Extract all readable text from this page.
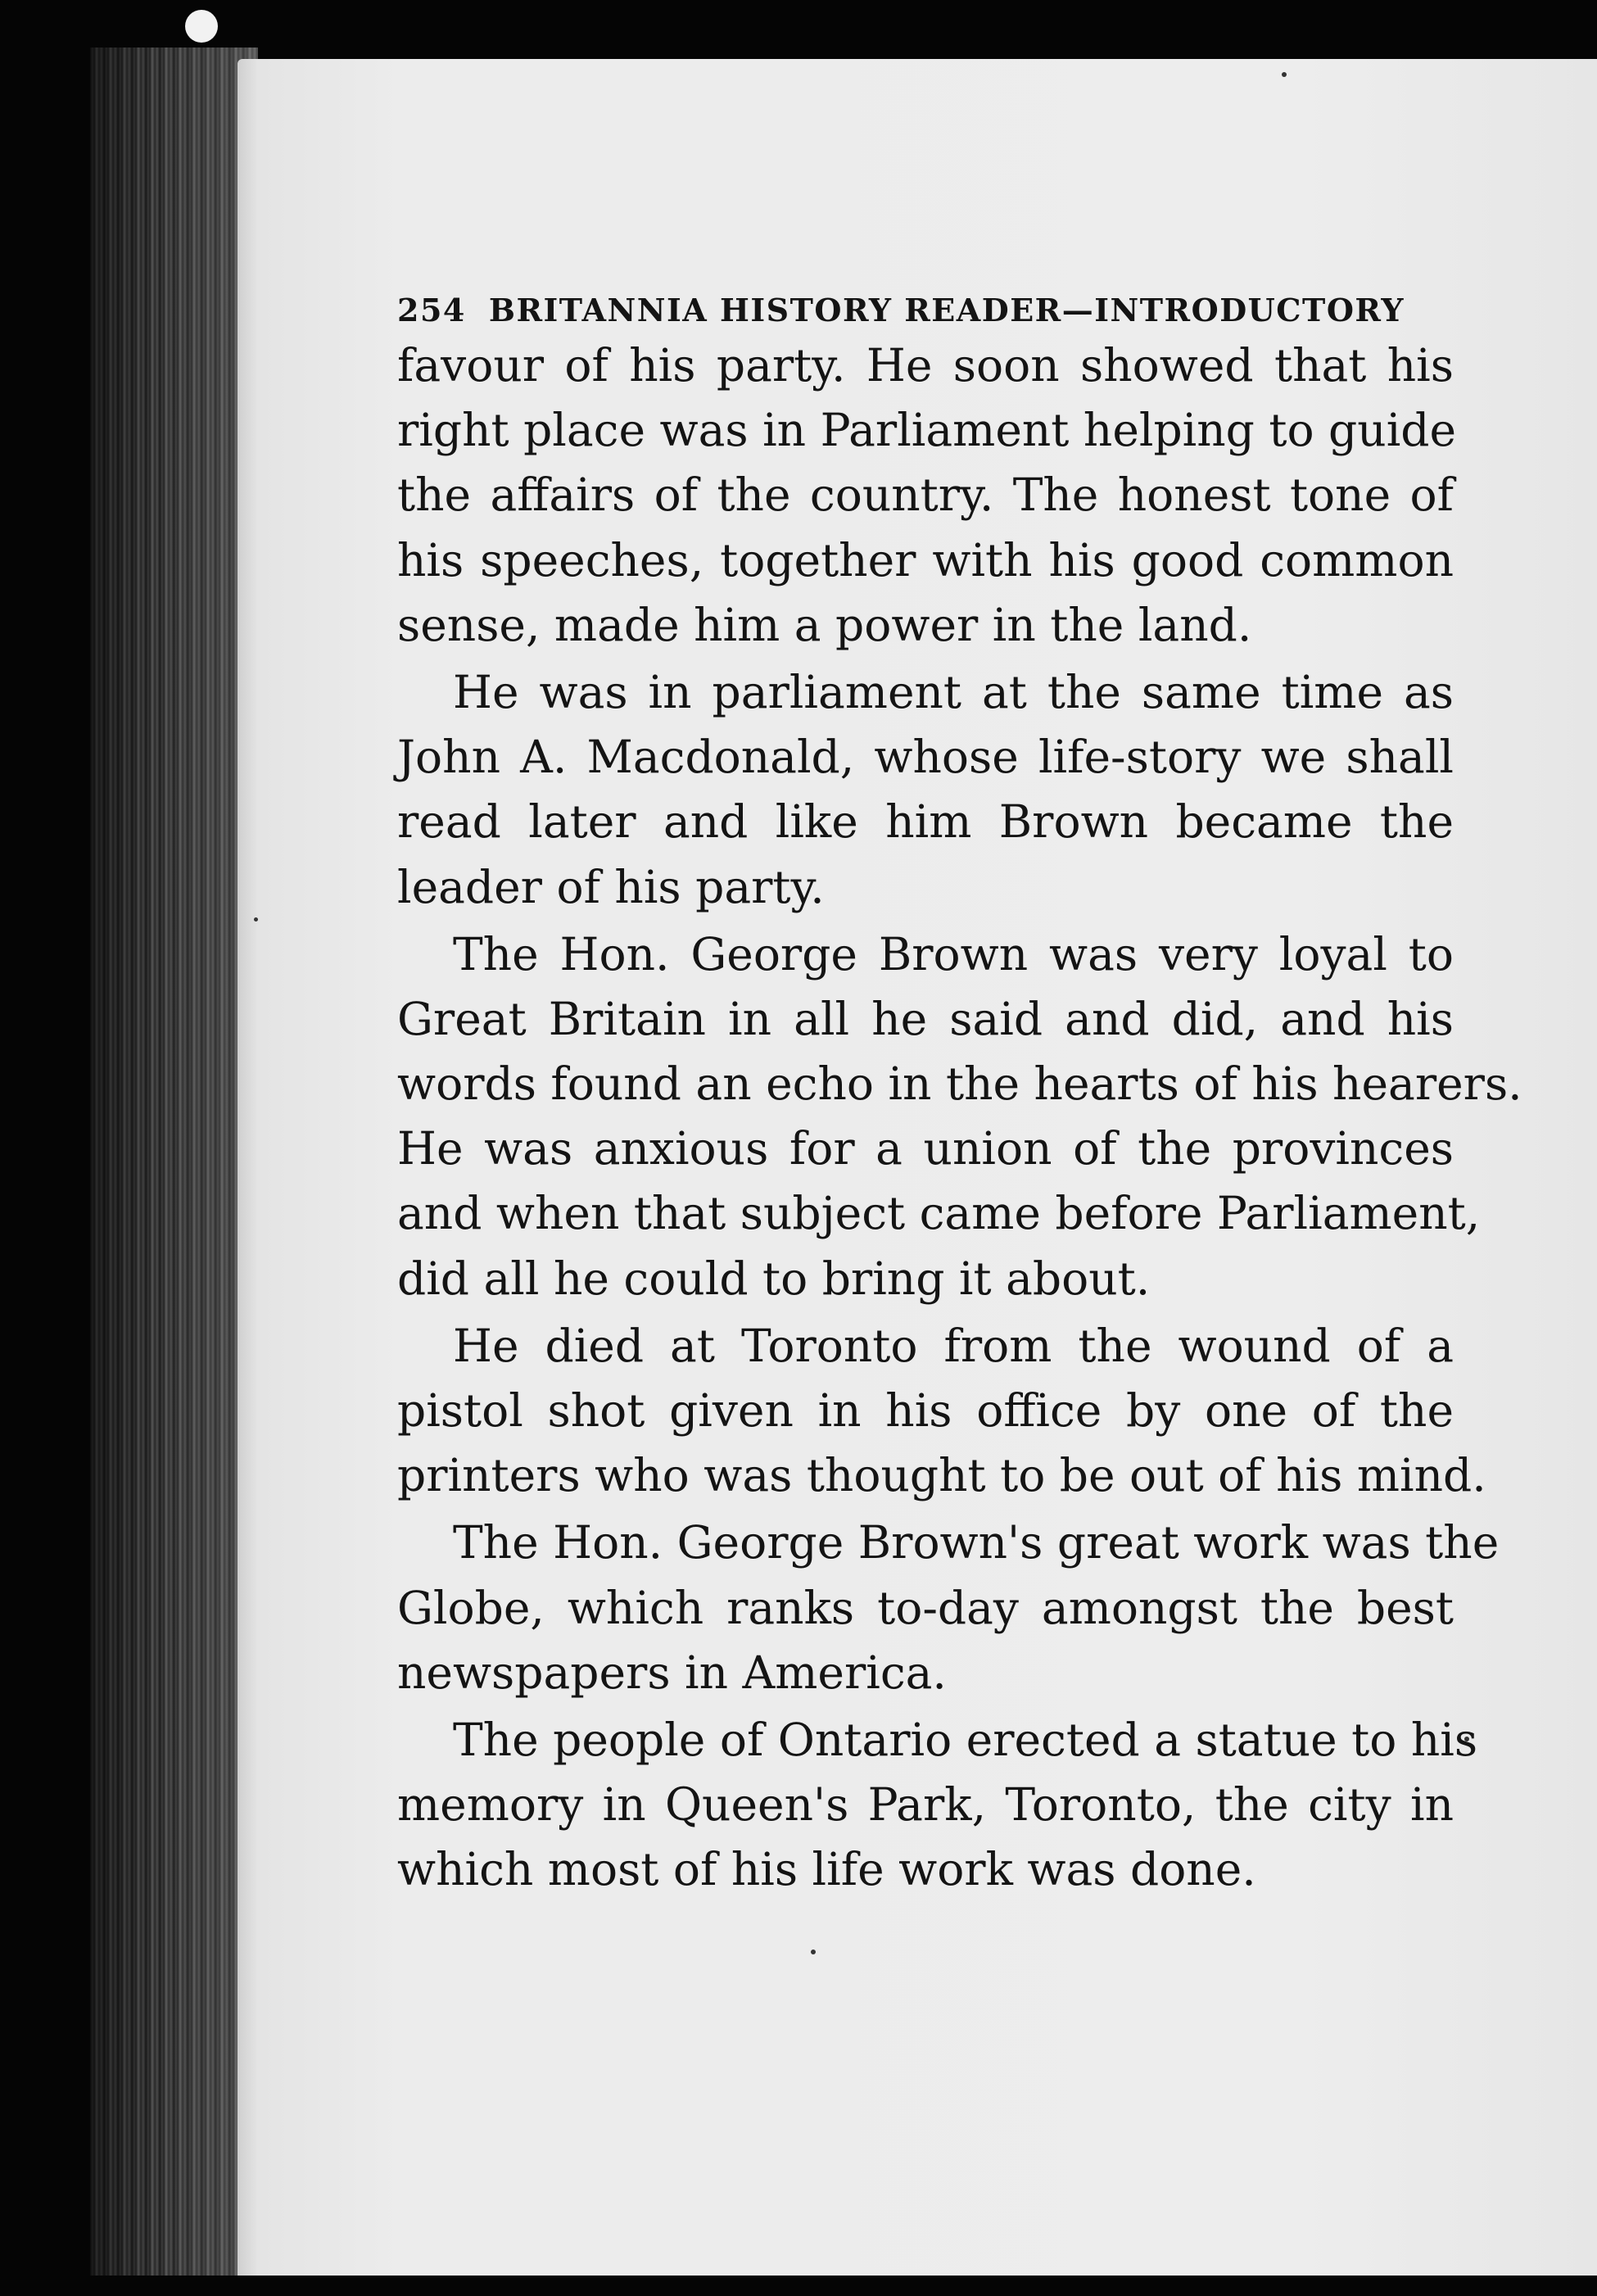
254 BRITANNIA HISTORY READER—INTRODUCTORY
favour of his party. He soon showed that his
right place was in Parliament helping to guide
the affairs of the country. The honest tone of
his speeches, together with his good common
sense, made him a power in the land.
He was in parliament at the same time as
John A. Macdonald, whose life-story we shall
read later and like him Brown became the
leader of his party.
The Hon. George Brown was very loyal to
Great Britain in all he said and did, and his
words found an echo in the hearts of his hearers.
He was anxious for a union of the provinces
and when that subject came before Parliament,
did all he could to bring it about.
He died at Toronto from the wound of a
pistol shot given in his office by one of the
printers who was thought to be out of his mind.
The Hon. George Brown's great work was the
Globe, which ranks to-day amongst the best
newspapers in America.
The people of Ontario erected a statue to his
memory in Queen's Park, Toronto, the city in
which most of his life work was done.
